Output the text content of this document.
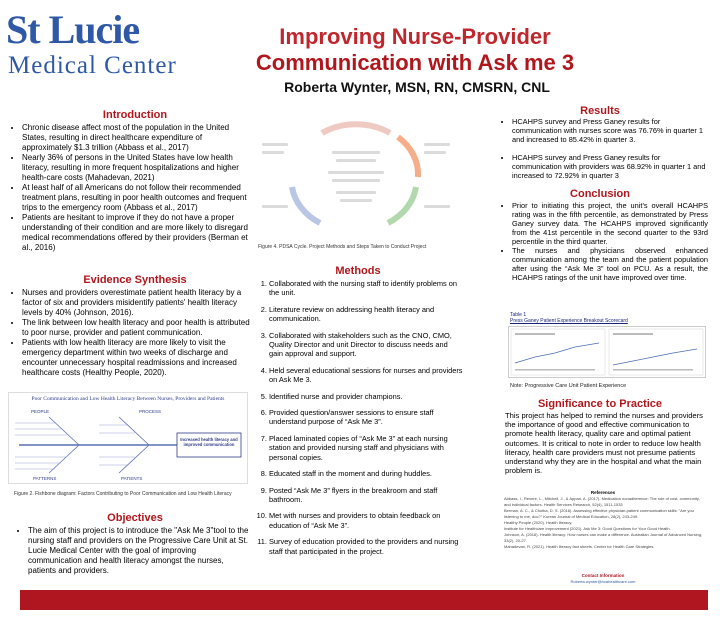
St Lucie
Medical Center
Improving Nurse-Provider
Communication with Ask me 3
Roberta Wynter, MSN, RN, CMSRN, CNL
Introduction
• Chronic disease affect most of the population in the United States, resulting in direct healthcare expenditure of approximately $1.3 trillion (Abbass et al., 2017)
• Nearly 36% of persons in the United States have low health literacy, resulting in more frequent hospitalizations and higher health-care costs (Mahadevan, 2021)
• At least half of all Americans do not follow their recommended treatment plans, resulting in poor health outcomes and frequent trips to the emergency room (Abbass et al., 2017)
• Patients are hesitant to improve if they do not have a proper understanding of their condition and are more likely to disregard medical recommendations offered by their providers (Berman et al., 2016)
Evidence Synthesis
• Nurses and providers overestimate patient health literacy by a factor of six and providers misidentify patients' health literacy levels by 40% (Johnson, 2016).
• The link between low health literacy and poor health is attributed to poor nurse, provider and patient communication.
• Patients with low health literacy are more likely to visit the emergency department within two weeks of discharge and encounter unnecessary hospital readmissions and increased healthcare costs (Healthy People, 2020).
Poor Communication and Low Health Literacy Between Nurses, Providers and Patients
PEOPLE	PROCESS
PATTERNS	PATIENTS
Increased health literacy and improved communication
Figure 2. Fishbone diagram: Factors Contributing to Poor Communication and Low Health Literacy
Objectives
• The aim of this project is to introduce the "Ask Me 3"tool to the nursing staff and providers on the Progressive Care Unit at St. Lucie Medical Center with the goal of improving communication and health literacy amongst the nurses, patients and providers.
Figure 4. PDSA Cycle. Project Methods and Steps Taken to Conduct Project
Methods
1. Collaborated with the nursing staff to identify problems on the unit.
2. Literature review on addressing health literacy and communication.
3. Collaborated with stakeholders such as the CNO, CMO, Quality Director and unit Director to discuss needs and gain approval and support.
4. Held several educational sessions for nurses and providers on Ask Me 3.
5. Identified nurse and provider champions.
6. Provided question/answer sessions to ensure staff understand purpose of “Ask Me 3”.
7. Placed laminated copies of “Ask Me 3” at each nursing station and provided nursing staff and physicians with personal copies.
8. Educated staff in the moment and during huddles.
9. Posted “Ask Me 3” flyers in the breakroom and staff bathroom.
10. Met with nurses and providers to obtain feedback on education of “Ask Me 3”.
11. Survey of education provided to the providers and nursing staff that participated in the project.
Results
• HCAHPS survey and Press Ganey results for communication with nurses score was 76.76% in quarter 1 and increased to 85.42% in quarter 3.
• HCAHPS survey and Press Ganey results for communication with providers was 68.92% in quarter 1 and increased to 72.92% in quarter 3
Conclusion
• Prior to initiating this project, the unit's overall HCAHPS rating was in the fifth percentile, as demonstrated by Press Ganey survey data. The HCAHPS improved significantly from the 41st percentile in the second quarter to the 93rd percentile in the third quarter.
• The nurses and physicians observed enhanced communication among the team and the patient population after using the “Ask Me 3” tool on PCU. As a result, the HCAHPS ratings of the unit have improved over time.
Table 1
Press Ganey Patient Experience Breakout Scorecard
Note: Progressive Care Unit Patient Experience
Significance to Practice
This project has helped to remind the nurses and providers the importance of good and effective communication to promote health literacy, quality care and optimal patient outcomes. It is critical to note in order to reduce low health literacy, health care providers must not presume patients understand why they are in the hospital and what the main problem is.
References
Abbass, I., Revere, L., Mitchell, J., & Appari, A. (2017). Medication nonadherence: The role of cost, community, and individual factors. Health Services Research, 52(4), 1511-1533
Berman, A. C., & Chutka, D. S. (2016). Assessing effective physician-patient communication skills: "Are you listening to me, doc?" Korean Journal of Medical Education, 28(2), 243-249.
Healthy People (2020). Health literacy.
Institute for Healthcare Improvement (2021). Ask Me 3: Good Questions for Your Good Health.
Johnson, A. (2016). Health literacy: How nurses can make a difference. Australian Journal of Advanced Nursing, 33(2), 20-27.
Mahadevan, R. (2021). Health literacy fact sheets. Center for Health Care Strategies.
Contact Information
Roberta.wynter@hcahealthcare.com
